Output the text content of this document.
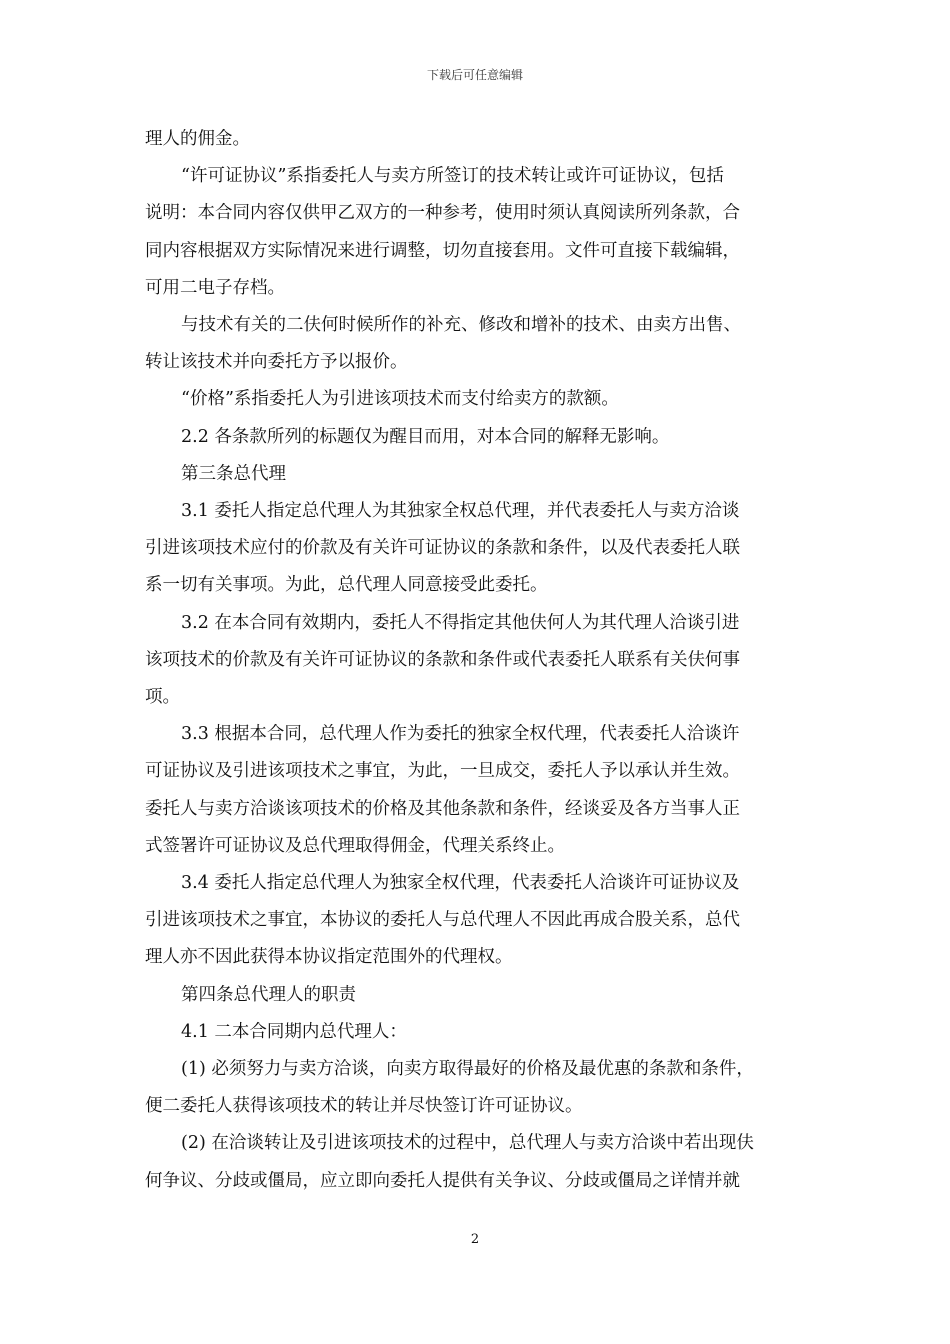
下载后可任意编辑

理人的佣金。

“许可证协议”系指委托人与卖方所签订的技术转让或许可证协议，包括

说明：本合同内容仅供甲乙双方的一种参考，使用时须认真阅读所列条款，合

同内容根据双方实际情况来进行调整，切勿直接套用。文件可直接下载编辑，

可用二电子存档。

与技术有关的二伕何时候所作的补充、修改和增补的技术、由卖方出售、

转让该技术并向委托方予以报价。

“价格”系指委托人为引进该项技术而支付给卖方的款额。

2.2 各条款所列的标题仅为醒目而用，对本合同的解释无影响。

第三条总代理

3.1 委托人指定总代理人为其独家全权总代理，并代表委托人与卖方洽谈

引进该项技术应付的价款及有关许可证协议的条款和条件，以及代表委托人联

系一切有关事项。为此，总代理人同意接受此委托。

3.2 在本合同有效期内，委托人不得指定其他伕何人为其代理人洽谈引进

该项技术的价款及有关许可证协议的条款和条件或代表委托人联系有关伕何事

项。

3.3 根据本合同，总代理人作为委托的独家全权代理，代表委托人洽谈许

可证协议及引进该项技术之事宜，为此，一旦成交，委托人予以承认并生效。

委托人与卖方洽谈该项技术的价格及其他条款和条件，经谈妥及各方当事人正

式签署许可证协议及总代理取得佣金，代理关系终止。

3.4 委托人指定总代理人为独家全权代理，代表委托人洽谈许可证协议及

引进该项技术之事宜，本协议的委托人与总代理人不因此再成合股关系，总代

理人亦不因此获得本协议指定范围外的代理权。

第四条总代理人的职责

4.1 二本合同期内总代理人：

(1) 必须努力与卖方洽谈，向卖方取得最好的价格及最优惠的条款和条件，

便二委托人获得该项技术的转让并尽快签订许可证协议。

(2) 在洽谈转让及引进该项技术的过程中，总代理人与卖方洽谈中若出现伕

何争议、分歧或僵局，应立即向委托人提供有关争议、分歧或僵局之详情并就

2
